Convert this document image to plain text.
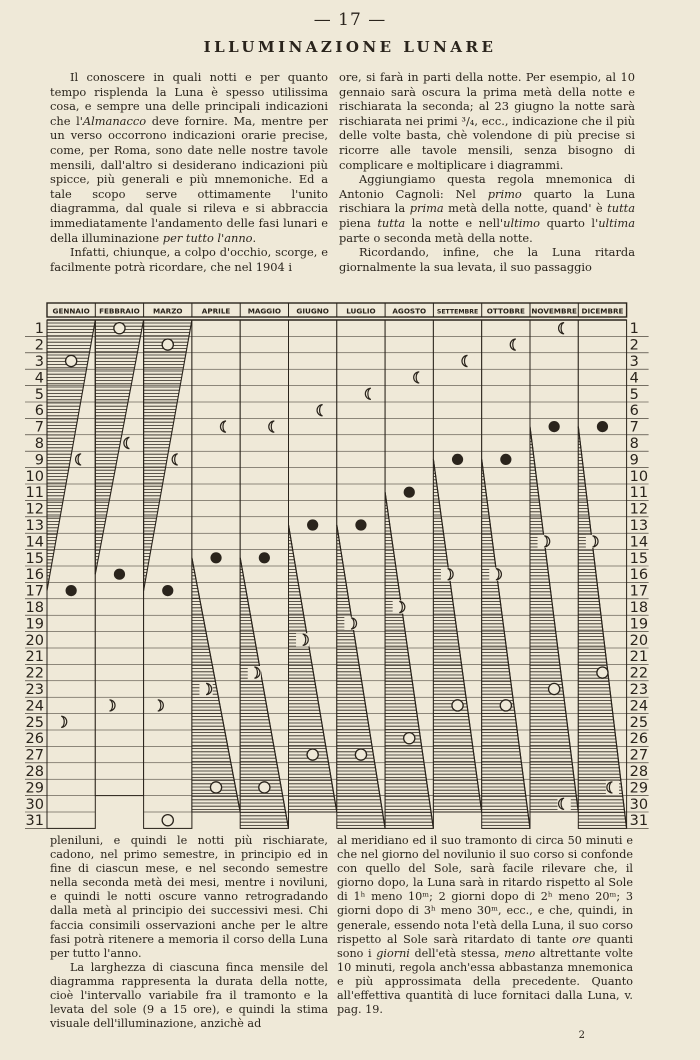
— 17 —
ILLUMINAZIONE LUNARE

Il conoscere in quali notti e per quanto tempo risplenda la Luna è spesso utilissima cosa, e sempre una delle principali indicazioni che l'Almanacco deve fornire. Ma, mentre per un verso occorrono indicazioni orarie precise, come, per Roma, sono date nelle nostre tavole mensili, dall'altro si desiderano indicazioni più spicce, più generali e più mnemoniche. Ed a tale scopo serve ottimamente l'unito diagramma, dal quale si rileva e si abbraccia immediatamente l'andamento delle fasi lunari e della illuminazione per tutto l'anno.

Infatti, chiunque, a colpo d'occhio, scorge, e facilmente potrà ricordare, che nel 1904 i

ore, si farà in parti della notte. Per esempio, al 10 gennaio sarà oscura la prima metà della notte e rischiarata la seconda; al 23 giugno la notte sarà rischiarata nei primi ³/₄, ecc., indicazione che il più delle volte basta, chè volendone di più precise si ricorre alle tavole mensili, senza bisogno di complicare e moltiplicare i diagrammi.

Aggiungiamo questa regola mnemonica di Antonio Cagnoli: Nel primo quarto la Luna rischiara la prima metà della notte, quand' è tutta piena tutta la notte e nell'ultimo quarto l'ultima parte o seconda metà della notte.

Ricordando, infine, che la Luna ritarda giornalmente la sua levata, il suo passaggio

GENNAIO FEBBRAIO MARZO	APRILE MAGGIO GIUGNO LUGLIO AGOSTO SETTEMBRE OTTOBRE NOVEMBRE DICEMBRE
1
2
3
4
5
6
7
8
9
10
11
12
13
14
15
16
17
18
19
20
21
22
23
24
25
26
27
28
29
30
31
1
2
3
4
5
6
7
8
9
10
11
12
13
14
15
16
17
18
19
20
21
22
23
24
25
26
27
28
29
30
31

pleniluni, e quindi le notti più rischiarate, cadono, nel primo semestre, in principio ed in fine di ciascun mese, e nel secondo semestre nella seconda metà dei mesi, mentre i noviluni, e quindi le notti oscure vanno retrogradando dalla metà al principio dei successivi mesi. Chi faccia consimili osservazioni anche per le altre fasi potrà ritenere a memoria il corso della Luna per tutto l'anno.

La larghezza di ciascuna finca mensile del diagramma rappresenta la durata della notte, cioè l'intervallo variabile fra il tramonto e la levata del sole (9 a 15 ore), e quindi la stima visuale dell'illuminazione, anzichè ad

al meridiano ed il suo tramonto di circa 50 minuti e che nel giorno del novilunio il suo corso si confonde con quello del Sole, sarà facile rilevare che, il giorno dopo, la Luna sarà in ritardo rispetto al Sole di 1ʰ meno 10ᵐ; 2 giorni dopo di 2ʰ meno 20ᵐ; 3 giorni dopo di 3ʰ meno 30ᵐ, ecc., e che, quindi, in generale, essendo nota l'età della Luna, il suo corso rispetto al Sole sarà ritardato di tante ore quanti sono i giorni dell'età stessa, meno altrettante volte 10 minuti, regola anch'essa abbastanza mnemonica e più approssimata della precedente. Quanto all'effettiva quantità di luce fornitaci dalla Luna, v. pag. 19.

2
